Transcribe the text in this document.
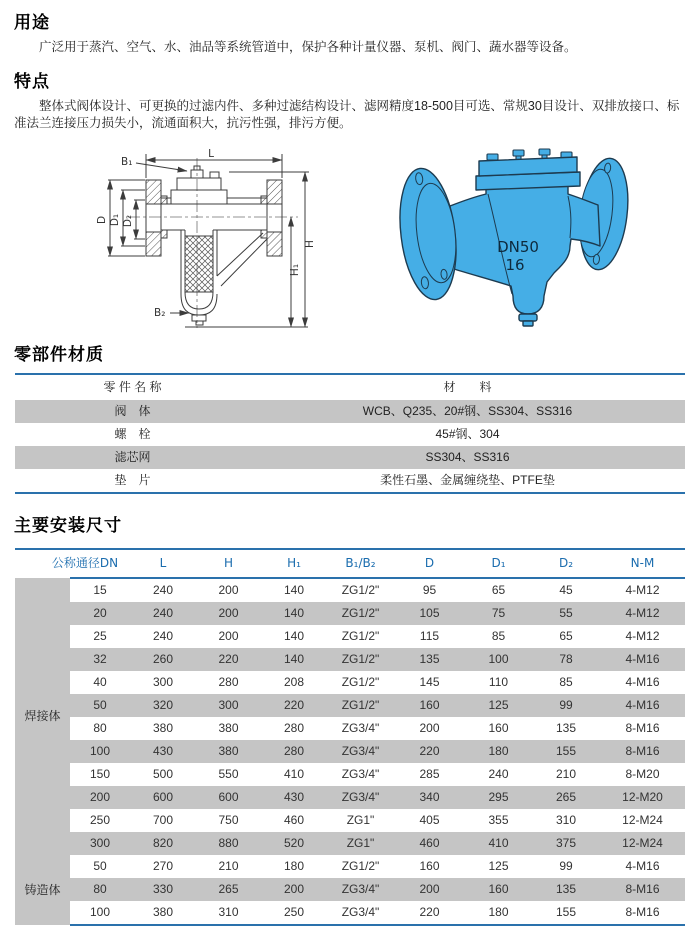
用途
广泛用于蒸汽、空气、水、油品等系统管道中，保护各种计量仪器、泵机、阀门、蔬水器等设备。
特点
整体式阀体设计、可更换的过滤内件、多种过滤结构设计、滤网精度18-500目可选、常规30目设计、双排放接口、标准法兰连接压力损失小，流通面积大，抗污性强，排污方便。
L
B₁
B₂
D D₁ D₂
H
H₁
DN50
16
零部件材质
零 件 名 称	材　　料
阀　体	WCB、Q235、20#钢、SS304、SS316
螺　栓	45#钢、304
滤芯网	SS304、SS316
垫　片	柔性石墨、金属缠绕垫、PTFE垫
主要安装尺寸
公称通径DN		L	H	H₁	B₁/B₂	D	D₁	D₂	N-M
焊接体	15	240	200	140	ZG1/2"	95	65	45	4-M12
	20	240	200	140	ZG1/2"	105	75	55	4-M12
	25	240	200	140	ZG1/2"	115	85	65	4-M12
	32	260	220	140	ZG1/2"	135	100	78	4-M16
	40	300	280	208	ZG1/2"	145	110	85	4-M16
	50	320	300	220	ZG1/2"	160	125	99	4-M16
	80	380	380	280	ZG3/4"	200	160	135	8-M16
	100	430	380	280	ZG3/4"	220	180	155	8-M16
	150	500	550	410	ZG3/4"	285	240	210	8-M20
	200	600	600	430	ZG3/4"	340	295	265	12-M20
	250	700	750	460	ZG1"	405	355	310	12-M24
	300	820	880	520	ZG1"	460	410	375	12-M24
铸造体	50	270	210	180	ZG1/2"	160	125	99	4-M16
	80	330	265	200	ZG3/4"	200	160	135	8-M16
	100	380	310	250	ZG3/4"	220	180	155	8-M16
